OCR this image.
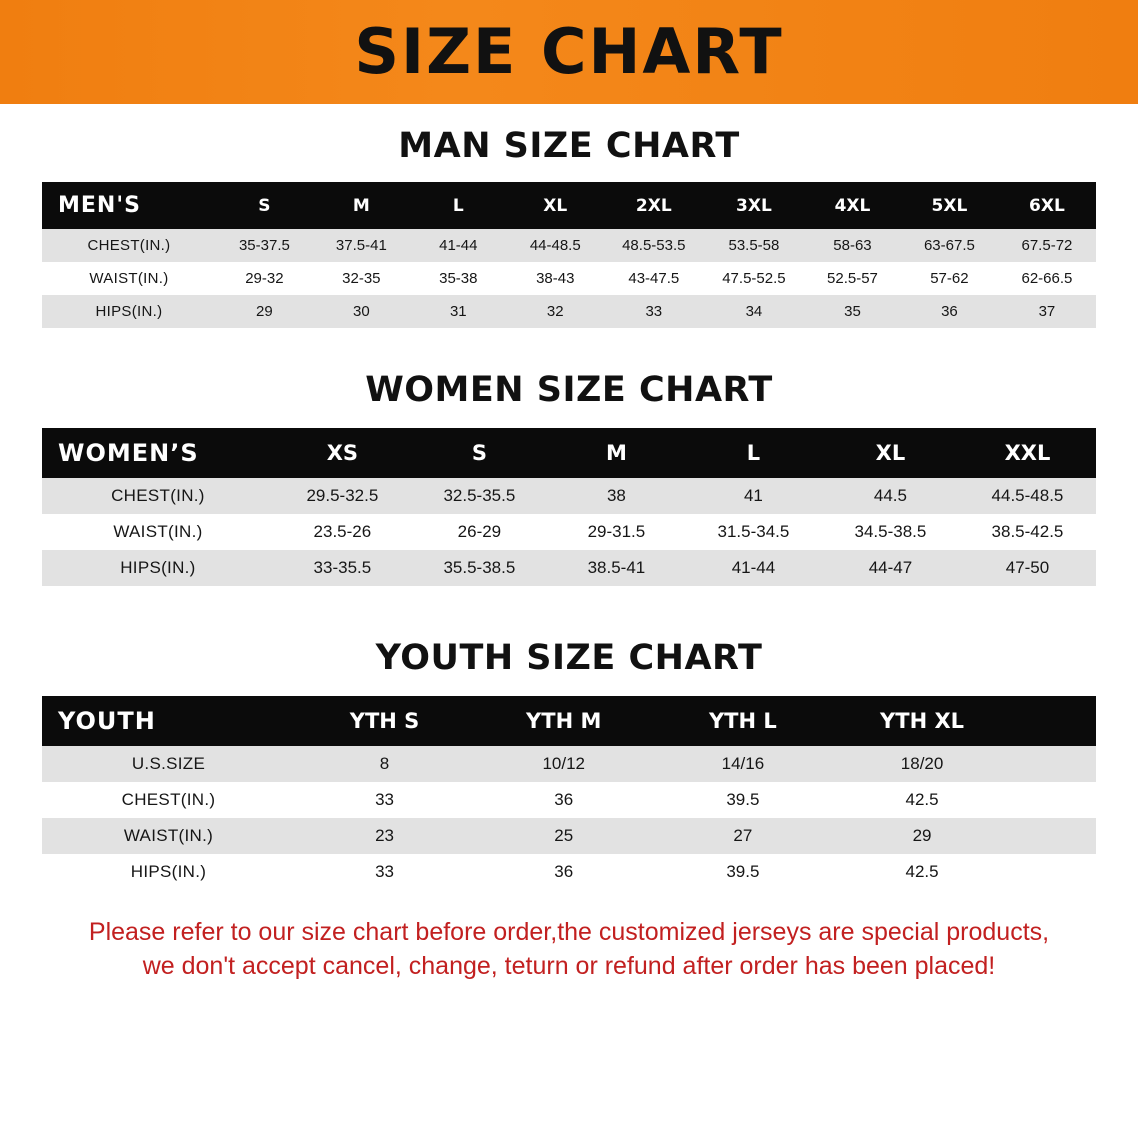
SIZE CHART
MAN SIZE CHART
MEN'S	S	M	L	XL	2XL	3XL	4XL	5XL	6XL
CHEST(IN.)	35-37.5	37.5-41	41-44	44-48.5	48.5-53.5	53.5-58	58-63	63-67.5	67.5-72
WAIST(IN.)	29-32	32-35	35-38	38-43	43-47.5	47.5-52.5	52.5-57	57-62	62-66.5
HIPS(IN.)	29	30	31	32	33	34	35	36	37
WOMEN SIZE CHART
WOMEN’S	XS	S	M	L	XL	XXL
CHEST(IN.)	29.5-32.5	32.5-35.5	38	41	44.5	44.5-48.5
WAIST(IN.)	23.5-26	26-29	29-31.5	31.5-34.5	34.5-38.5	38.5-42.5
HIPS(IN.)	33-35.5	35.5-38.5	38.5-41	41-44	44-47	47-50
YOUTH SIZE CHART
YOUTH	YTH S	YTH M	YTH L	YTH XL	
U.S.SIZE	8	10/12	14/16	18/20	
CHEST(IN.)	33	36	39.5	42.5	
WAIST(IN.)	23	25	27	29	
HIPS(IN.)	33	36	39.5	42.5	
Please refer to our size chart before order,the customized jerseys are special products,
we don't accept cancel, change, teturn or refund after order has been placed!
